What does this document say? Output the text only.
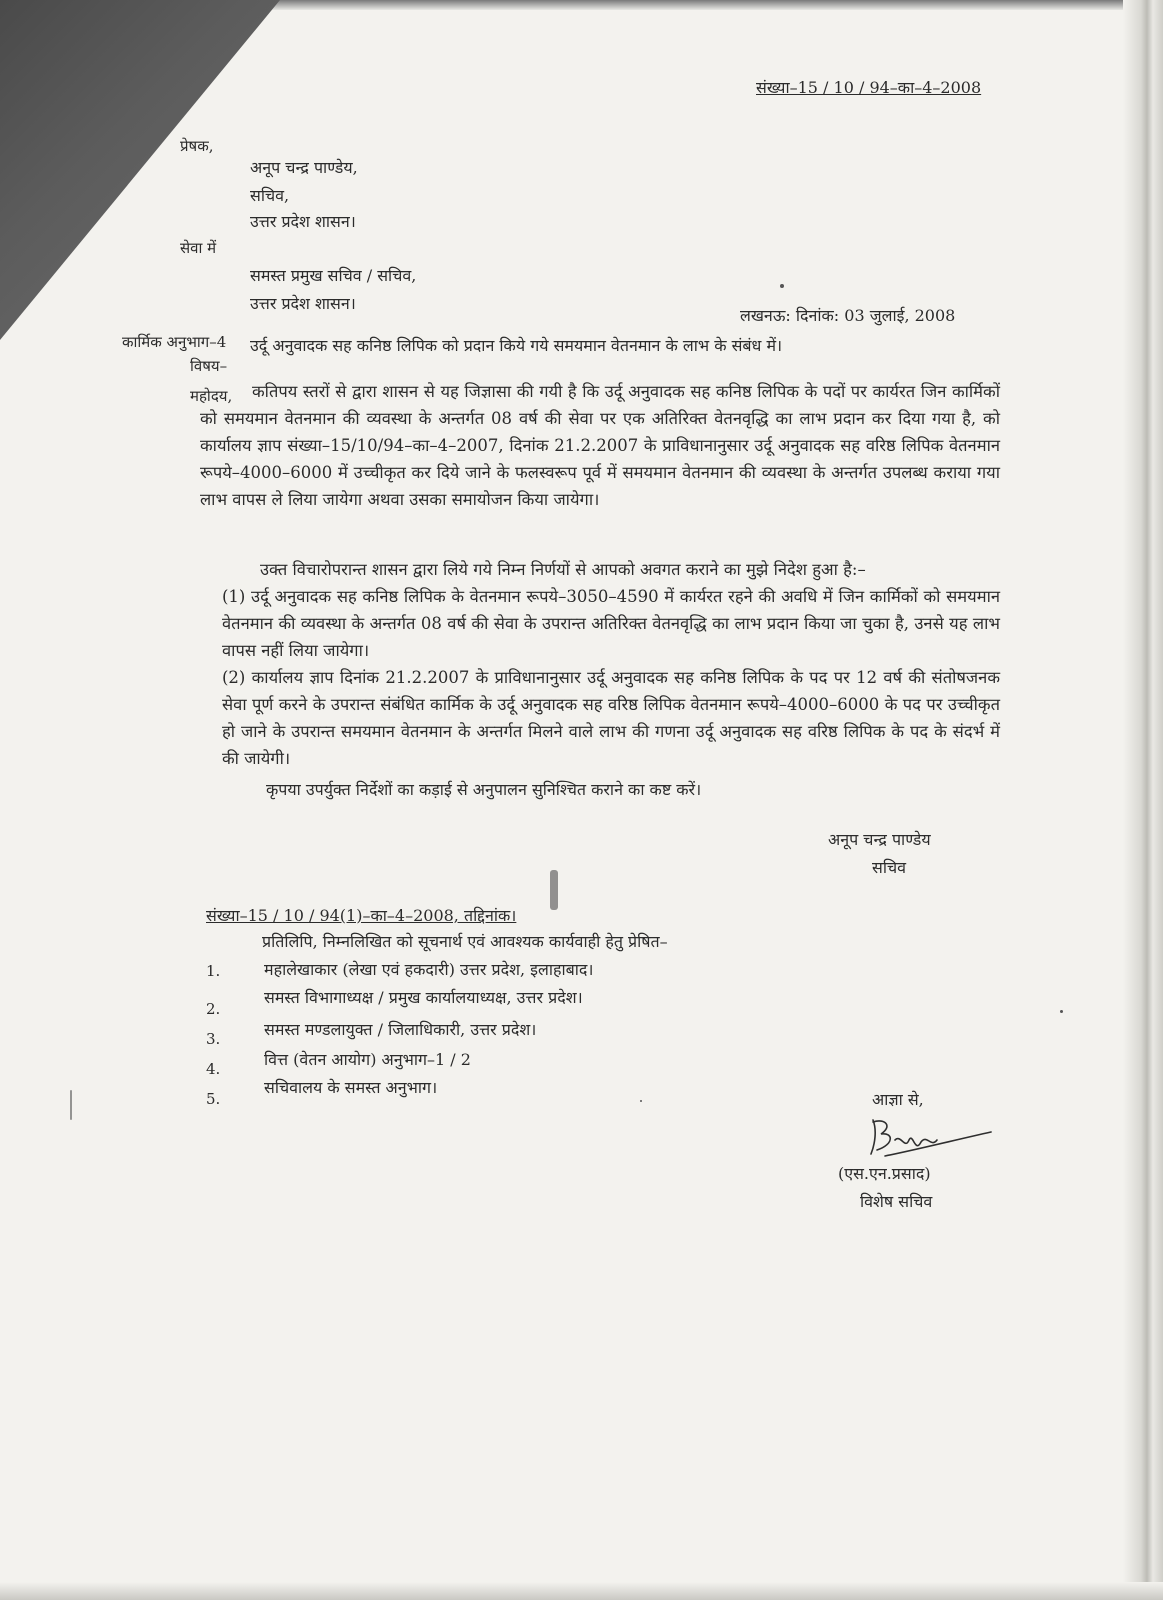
संख्या–15 / 10 / 94–का–4–2008
प्रेषक,
अनूप चन्द्र पाण्डेय,
सचिव,
उत्तर प्रदेश शासन।
सेवा में
समस्त प्रमुख सचिव / सचिव,
उत्तर प्रदेश शासन।
लखनऊ: दिनांक: 03 जुलाई, 2008
कार्मिक अनुभाग–4
विषय–
उर्दू अनुवादक सह कनिष्ठ लिपिक को प्रदान किये गये समयमान वेतनमान के लाभ के संबंध में।
महोदय,	कतिपय स्तरों से द्वारा शासन से यह जिज्ञासा की गयी है कि उर्दू अनुवादक सह कनिष्ठ लिपिक के पदों पर कार्यरत जिन कार्मिकों को समयमान वेतनमान की व्यवस्था के अन्तर्गत 08 वर्ष की सेवा पर एक अतिरिक्त वेतनवृद्धि का लाभ प्रदान कर दिया गया है, को कार्यालय ज्ञाप संख्या–15/10/94–का–4–2007, दिनांक 21.2.2007 के प्राविधानानुसार उर्दू अनुवादक सह वरिष्ठ लिपिक वेतनमान रूपये–4000–6000 में उच्चीकृत कर दिये जाने के फलस्वरूप पूर्व में समयमान वेतनमान की व्यवस्था के अन्तर्गत उपलब्ध कराया गया लाभ वापस ले लिया जायेगा अथवा उसका समायोजन किया जायेगा।
उक्त विचारोपरान्त शासन द्वारा लिये गये निम्न निर्णयों से आपको अवगत कराने का मुझे निदेश हुआ है:–
(1) उर्दू अनुवादक सह कनिष्ठ लिपिक के वेतनमान रूपये–3050–4590 में कार्यरत रहने की अवधि में जिन कार्मिकों को समयमान वेतनमान की व्यवस्था के अन्तर्गत 08 वर्ष की सेवा के उपरान्त अतिरिक्त वेतनवृद्धि का लाभ प्रदान किया जा चुका है, उनसे यह लाभ वापस नहीं लिया जायेगा।
(2) कार्यालय ज्ञाप दिनांक 21.2.2007 के प्राविधानानुसार उर्दू अनुवादक सह कनिष्ठ लिपिक के पद पर 12 वर्ष की संतोषजनक सेवा पूर्ण करने के उपरान्त संबंधित कार्मिक के उर्दू अनुवादक सह वरिष्ठ लिपिक वेतनमान रूपये–4000–6000 के पद पर उच्चीकृत हो जाने के उपरान्त समयमान वेतनमान के अन्तर्गत मिलने वाले लाभ की गणना उर्दू अनुवादक सह वरिष्ठ लिपिक के पद के संदर्भ में की जायेगी।
कृपया उपर्युक्त निर्देशों का कड़ाई से अनुपालन सुनिश्चित कराने का कष्ट करें।
अनूप चन्द्र पाण्डेय
सचिव
संख्या–15 / 10 / 94(1)–का–4–2008, तद्दिनांक।
प्रतिलिपि, निम्नलिखित को सूचनार्थ एवं आवश्यक कार्यवाही हेतु प्रेषित–
1.	महालेखाकार (लेखा एवं हकदारी) उत्तर प्रदेश, इलाहाबाद।
2.
समस्त विभागाध्यक्ष / प्रमुख कार्यालयाध्यक्ष, उत्तर प्रदेश।
3.	समस्त मण्डलायुक्त / जिलाधिकारी, उत्तर प्रदेश।
4.	वित्त (वेतन आयोग) अनुभाग–1 / 2
5.
सचिवालय के समस्त अनुभाग।
आज्ञा से,
(एस.एन.प्रसाद)
विशेष सचिव
